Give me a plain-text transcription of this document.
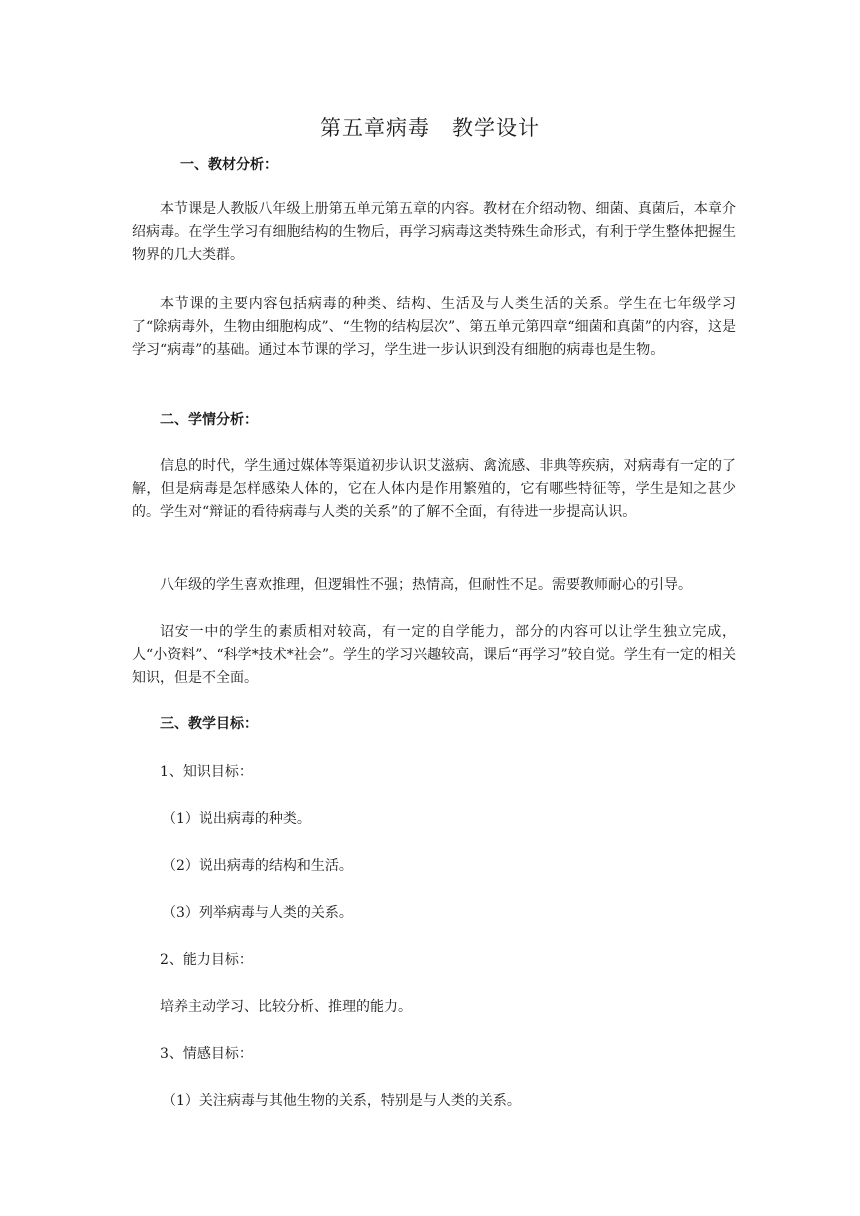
第五章病毒　教学设计
一、教材分析：
本节课是人教版八年级上册第五单元第五章的内容。教材在介绍动物、细菌、真菌后，本章介绍病毒。在学生学习有细胞结构的生物后，再学习病毒这类特殊生命形式，有利于学生整体把握生物界的几大类群。
本节课的主要内容包括病毒的种类、结构、生活及与人类生活的关系。学生在七年级学习了“除病毒外，生物由细胞构成”、“生物的结构层次”、第五单元第四章“细菌和真菌”的内容，这是学习“病毒”的基础。通过本节课的学习，学生进一步认识到没有细胞的病毒也是生物。
二、学情分析：
信息的时代，学生通过媒体等渠道初步认识艾滋病、禽流感、非典等疾病，对病毒有一定的了解，但是病毒是怎样感染人体的，它在人体内是作用繁殖的，它有哪些特征等，学生是知之甚少的。学生对“辩证的看待病毒与人类的关系”的了解不全面，有待进一步提高认识。
八年级的学生喜欢推理，但逻辑性不强；热情高，但耐性不足。需要教师耐心的引导。
诏安一中的学生的素质相对较高，有一定的自学能力，部分的内容可以让学生独立完成，人“小资料”、“科学*技术*社会”。学生的学习兴趣较高，课后“再学习”较自觉。学生有一定的相关知识，但是不全面。
三、教学目标：
1、知识目标：
（1）说出病毒的种类。
（2）说出病毒的结构和生活。
（3）列举病毒与人类的关系。
2、能力目标：
培养主动学习、比较分析、推理的能力。
3、情感目标：
（1）关注病毒与其他生物的关系，特别是与人类的关系。
